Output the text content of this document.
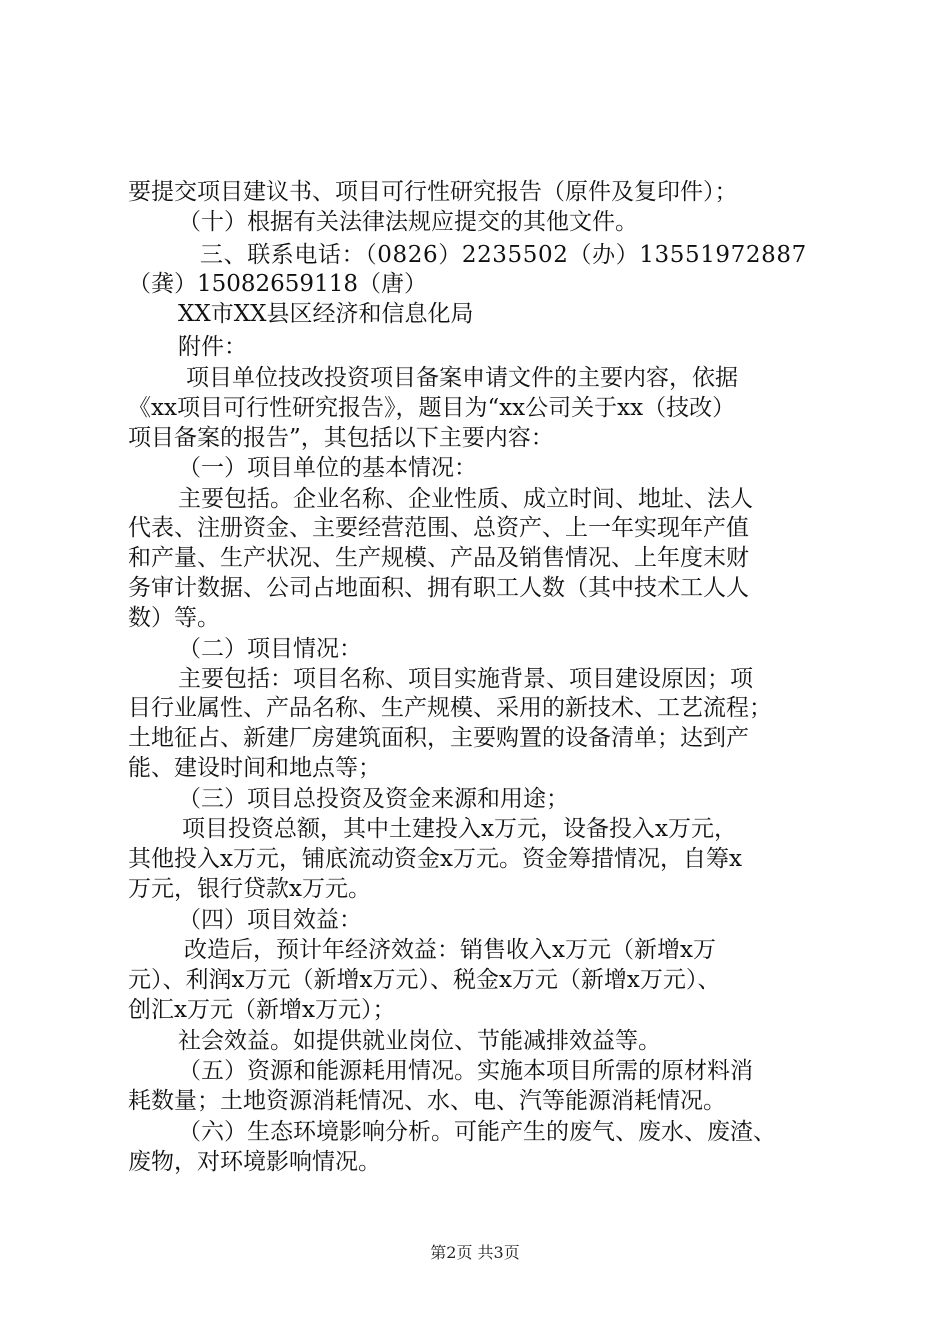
要提交项目建议书、项目可行性研究报告（原件及复印件）；
（十）根据有关法律法规应提交的其他文件。
三、联系电话：（0826）2235502（办）13551972887
（龚）15082659118（唐）
XX市XX县区经济和信息化局
附件：
项目单位技改投资项目备案申请文件的主要内容，依据
《xx项目可行性研究报告》，题目为“xx公司关于xx（技改）
项目备案的报告”，其包括以下主要内容：
（一）项目单位的基本情况：
主要包括。企业名称、企业性质、成立时间、地址、法人
代表、注册资金、主要经营范围、总资产、上一年实现年产值
和产量、生产状况、生产规模、产品及销售情况、上年度末财
务审计数据、公司占地面积、拥有职工人数（其中技术工人人
数）等。
（二）项目情况：
主要包括：项目名称、项目实施背景、项目建设原因；项
目行业属性、产品名称、生产规模、采用的新技术、工艺流程；
土地征占、新建厂房建筑面积，主要购置的设备清单；达到产
能、建设时间和地点等；
（三）项目总投资及资金来源和用途；
项目投资总额，其中土建投入x万元，设备投入x万元，
其他投入x万元，铺底流动资金x万元。资金筹措情况，自筹x
万元，银行贷款x万元。
（四）项目效益：
改造后，预计年经济效益：销售收入x万元（新增x万
元）、利润x万元（新增x万元）、税金x万元（新增x万元）、
创汇x万元（新增x万元）；
社会效益。如提供就业岗位、节能减排效益等。
（五）资源和能源耗用情况。实施本项目所需的原材料消
耗数量；土地资源消耗情况、水、电、汽等能源消耗情况。
（六）生态环境影响分析。可能产生的废气、废水、废渣、
废物，对环境影响情况。
第2页 共3页
